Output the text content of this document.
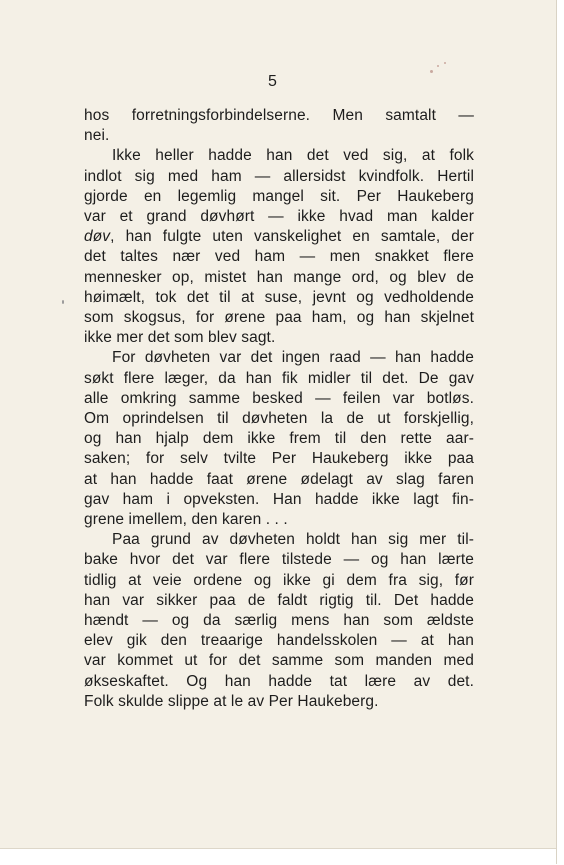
5
hos forretningsforbindelserne. Men samtalt —
nei.
Ikke heller hadde han det ved sig, at folk
indlot sig med ham — allersidst kvindfolk. Hertil
gjorde en legemlig mangel sit. Per Haukeberg
var et grand døvhørt — ikke hvad man kalder
døv, han fulgte uten vanskelighet en samtale, der
det taltes nær ved ham — men snakket flere
mennesker op, mistet han mange ord, og blev de
høimælt, tok det til at suse, jevnt og vedholdende
som skogsus, for ørene paa ham, og han skjelnet
ikke mer det som blev sagt.
For døvheten var det ingen raad — han hadde
søkt flere læger, da han fik midler til det. De gav
alle omkring samme besked — feilen var botløs.
Om oprindelsen til døvheten la de ut forskjellig,
og han hjalp dem ikke frem til den rette aar-
saken; for selv tvilte Per Haukeberg ikke paa
at han hadde faat ørene ødelagt av slag faren
gav ham i opveksten. Han hadde ikke lagt fin-
grene imellem, den karen . . .
Paa grund av døvheten holdt han sig mer til-
bake hvor det var flere tilstede — og han lærte
tidlig at veie ordene og ikke gi dem fra sig, før
han var sikker paa de faldt rigtig til. Det hadde
hændt — og da særlig mens han som ældste
elev gik den treaarige handelsskolen — at han
var kommet ut for det samme som manden med
økseskaftet. Og han hadde tat lære av det.
Folk skulde slippe at le av Per Haukeberg.
